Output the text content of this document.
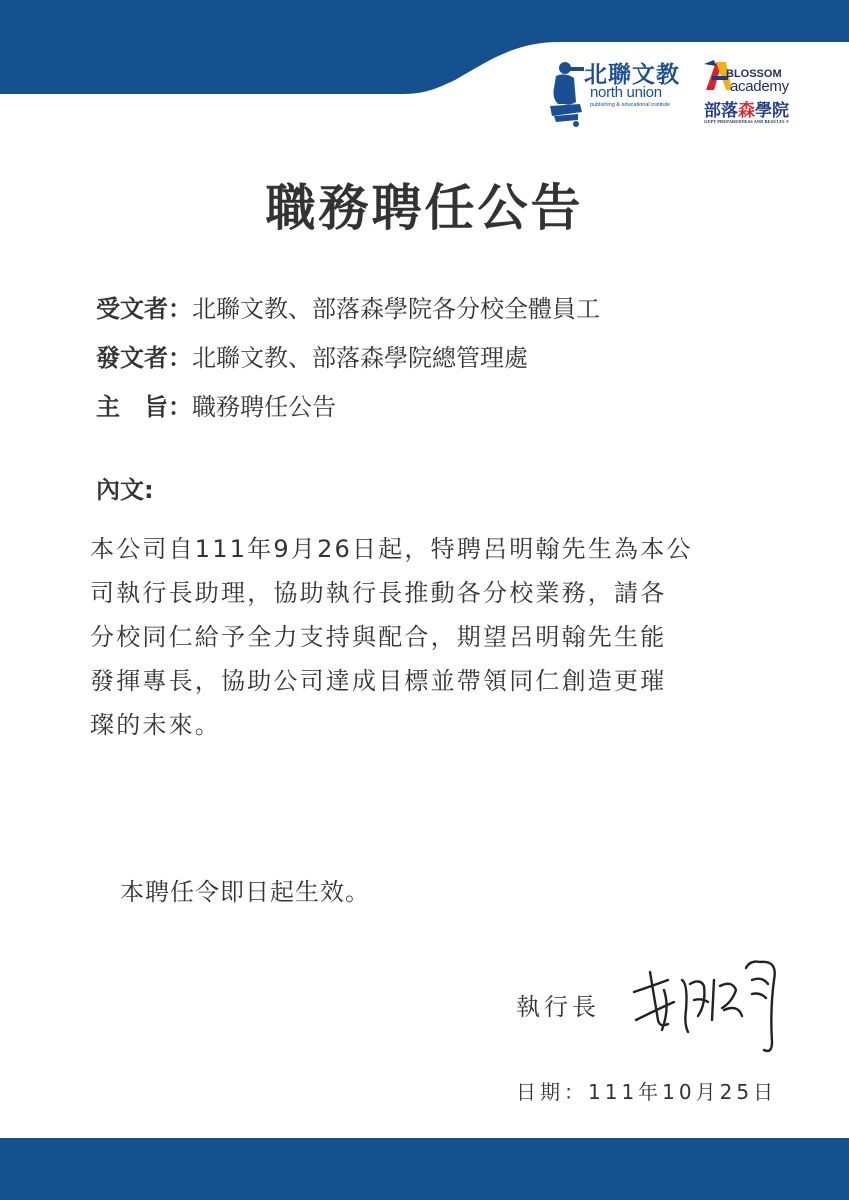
北聯文教
north union
publishing & educational institute
BLOSSOM
academy
部落森學院
GEPT PREPAREDNESS AND RESULTS ®
職務聘任公告
受文者：北聯文教、部落森學院各分校全體員工
發文者：北聯文教、部落森學院總管理處
主　旨：職務聘任公告
內文:
本公司自111年9月26日起，特聘呂明翰先生為本公
司執行長助理，協助執行長推動各分校業務，請各
分校同仁給予全力支持與配合，期望呂明翰先生能
發揮專長，協助公司達成目標並帶領同仁創造更璀
璨的未來。
本聘任令即日起生效。
執行長
日期：111年10月25日
